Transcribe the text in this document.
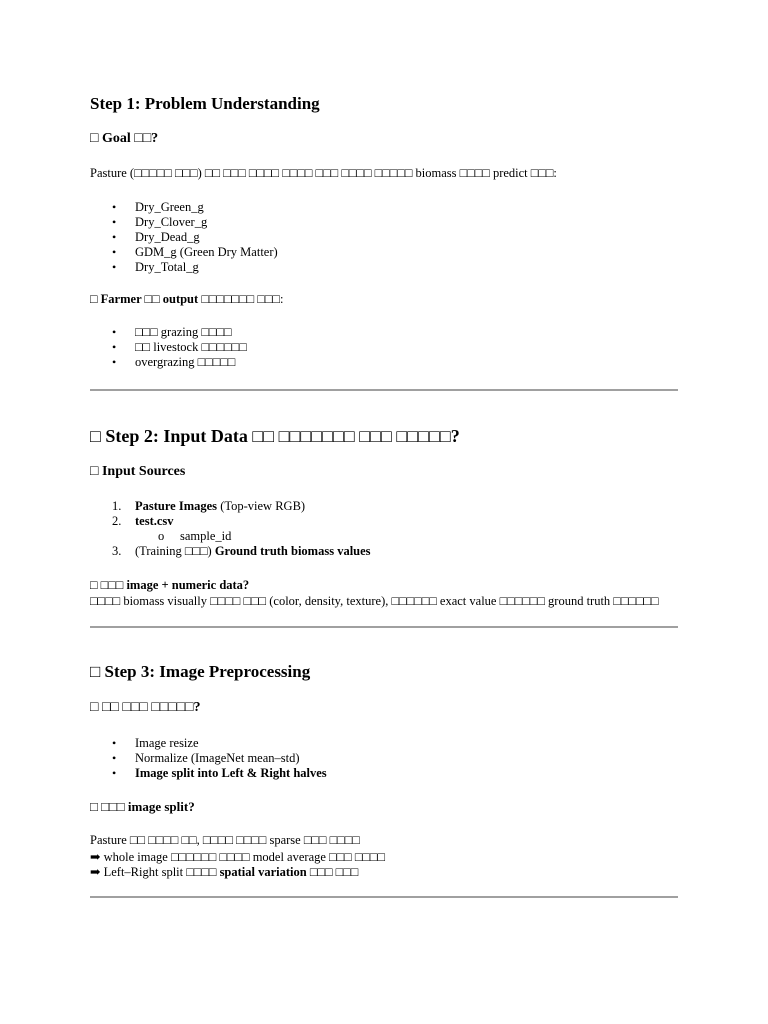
Step 1: Problem Understanding
□ Goal □□?
Pasture (□□□□□ □□□) □□ □□□ □□□□ □□□□ □□□ □□□□ □□□□□ biomass □□□□ predict □□□:
• Dry_Green_g
• Dry_Clover_g
• Dry_Dead_g
• GDM_g (Green Dry Matter)
• Dry_Total_g
□ Farmer □□ output □□□□□□□ □□□:
• □□□ grazing □□□□
• □□ livestock □□□□□□
• overgrazing □□□□□
□ Step 2: Input Data □□ □□□□□□□ □□□ □□□□□?
□ Input Sources
1. Pasture Images (Top-view RGB)
2. test.csv
o sample_id
3. (Training □□□) Ground truth biomass values
□ □□□ image + numeric data?
□□□□ biomass visually □□□□ □□□ (color, density, texture), □□□□□□ exact value □□□□□□ ground truth □□□□□□
□ Step 3: Image Preprocessing
□ □□ □□□ □□□□□?
• Image resize
• Normalize (ImageNet mean–std)
• Image split into Left & Right halves
□ □□□ image split?
Pasture □□ □□□□ □□, □□□□ □□□□ sparse □□□ □□□□
➡ whole image □□□□□□ □□□□ model average □□□ □□□□
➡ Left–Right split □□□□ spatial variation □□□ □□□
